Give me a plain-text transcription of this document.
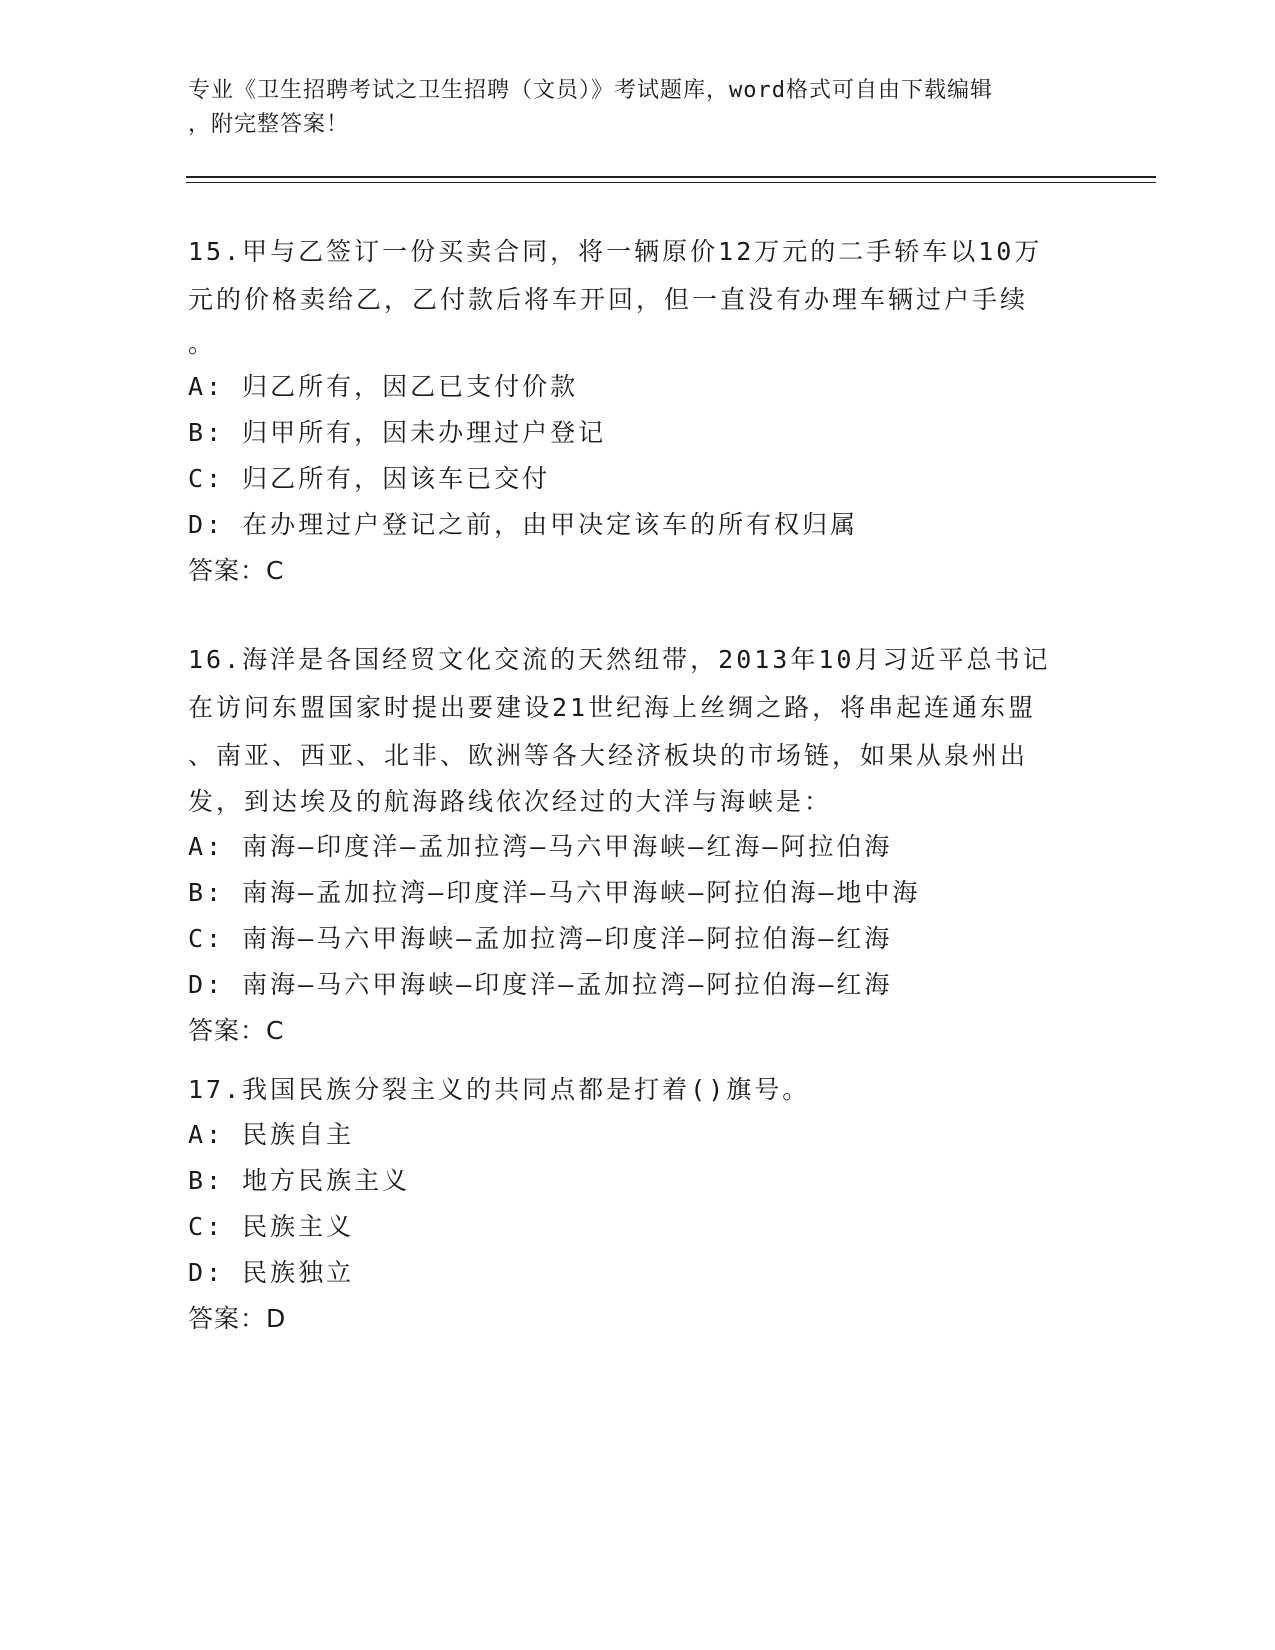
专业《卫生招聘考试之卫生招聘（文员）》考试题库，word格式可自由下载编辑
，附完整答案！

15.甲与乙签订一份买卖合同，将一辆原价12万元的二手轿车以10万

元的价格卖给乙，乙付款后将车开回，但一直没有办理车辆过户手续

。

A: 归乙所有，因乙已支付价款

B: 归甲所有，因未办理过户登记

C: 归乙所有，因该车已交付

D: 在办理过户登记之前，由甲决定该车的所有权归属

答案：C

16.海洋是各国经贸文化交流的天然纽带，2013年10月习近平总书记

在访问东盟国家时提出要建设21世纪海上丝绸之路，将串起连通东盟

、南亚、西亚、北非、欧洲等各大经济板块的市场链，如果从泉州出

发，到达埃及的航海路线依次经过的大洋与海峡是：

A: 南海—印度洋—孟加拉湾—马六甲海峡—红海—阿拉伯海

B: 南海—孟加拉湾—印度洋—马六甲海峡—阿拉伯海—地中海

C: 南海—马六甲海峡—孟加拉湾—印度洋—阿拉伯海—红海

D: 南海—马六甲海峡—印度洋—孟加拉湾—阿拉伯海—红海

答案：C

17.我国民族分裂主义的共同点都是打着()旗号。

A: 民族自主

B: 地方民族主义

C: 民族主义

D: 民族独立

答案：D
